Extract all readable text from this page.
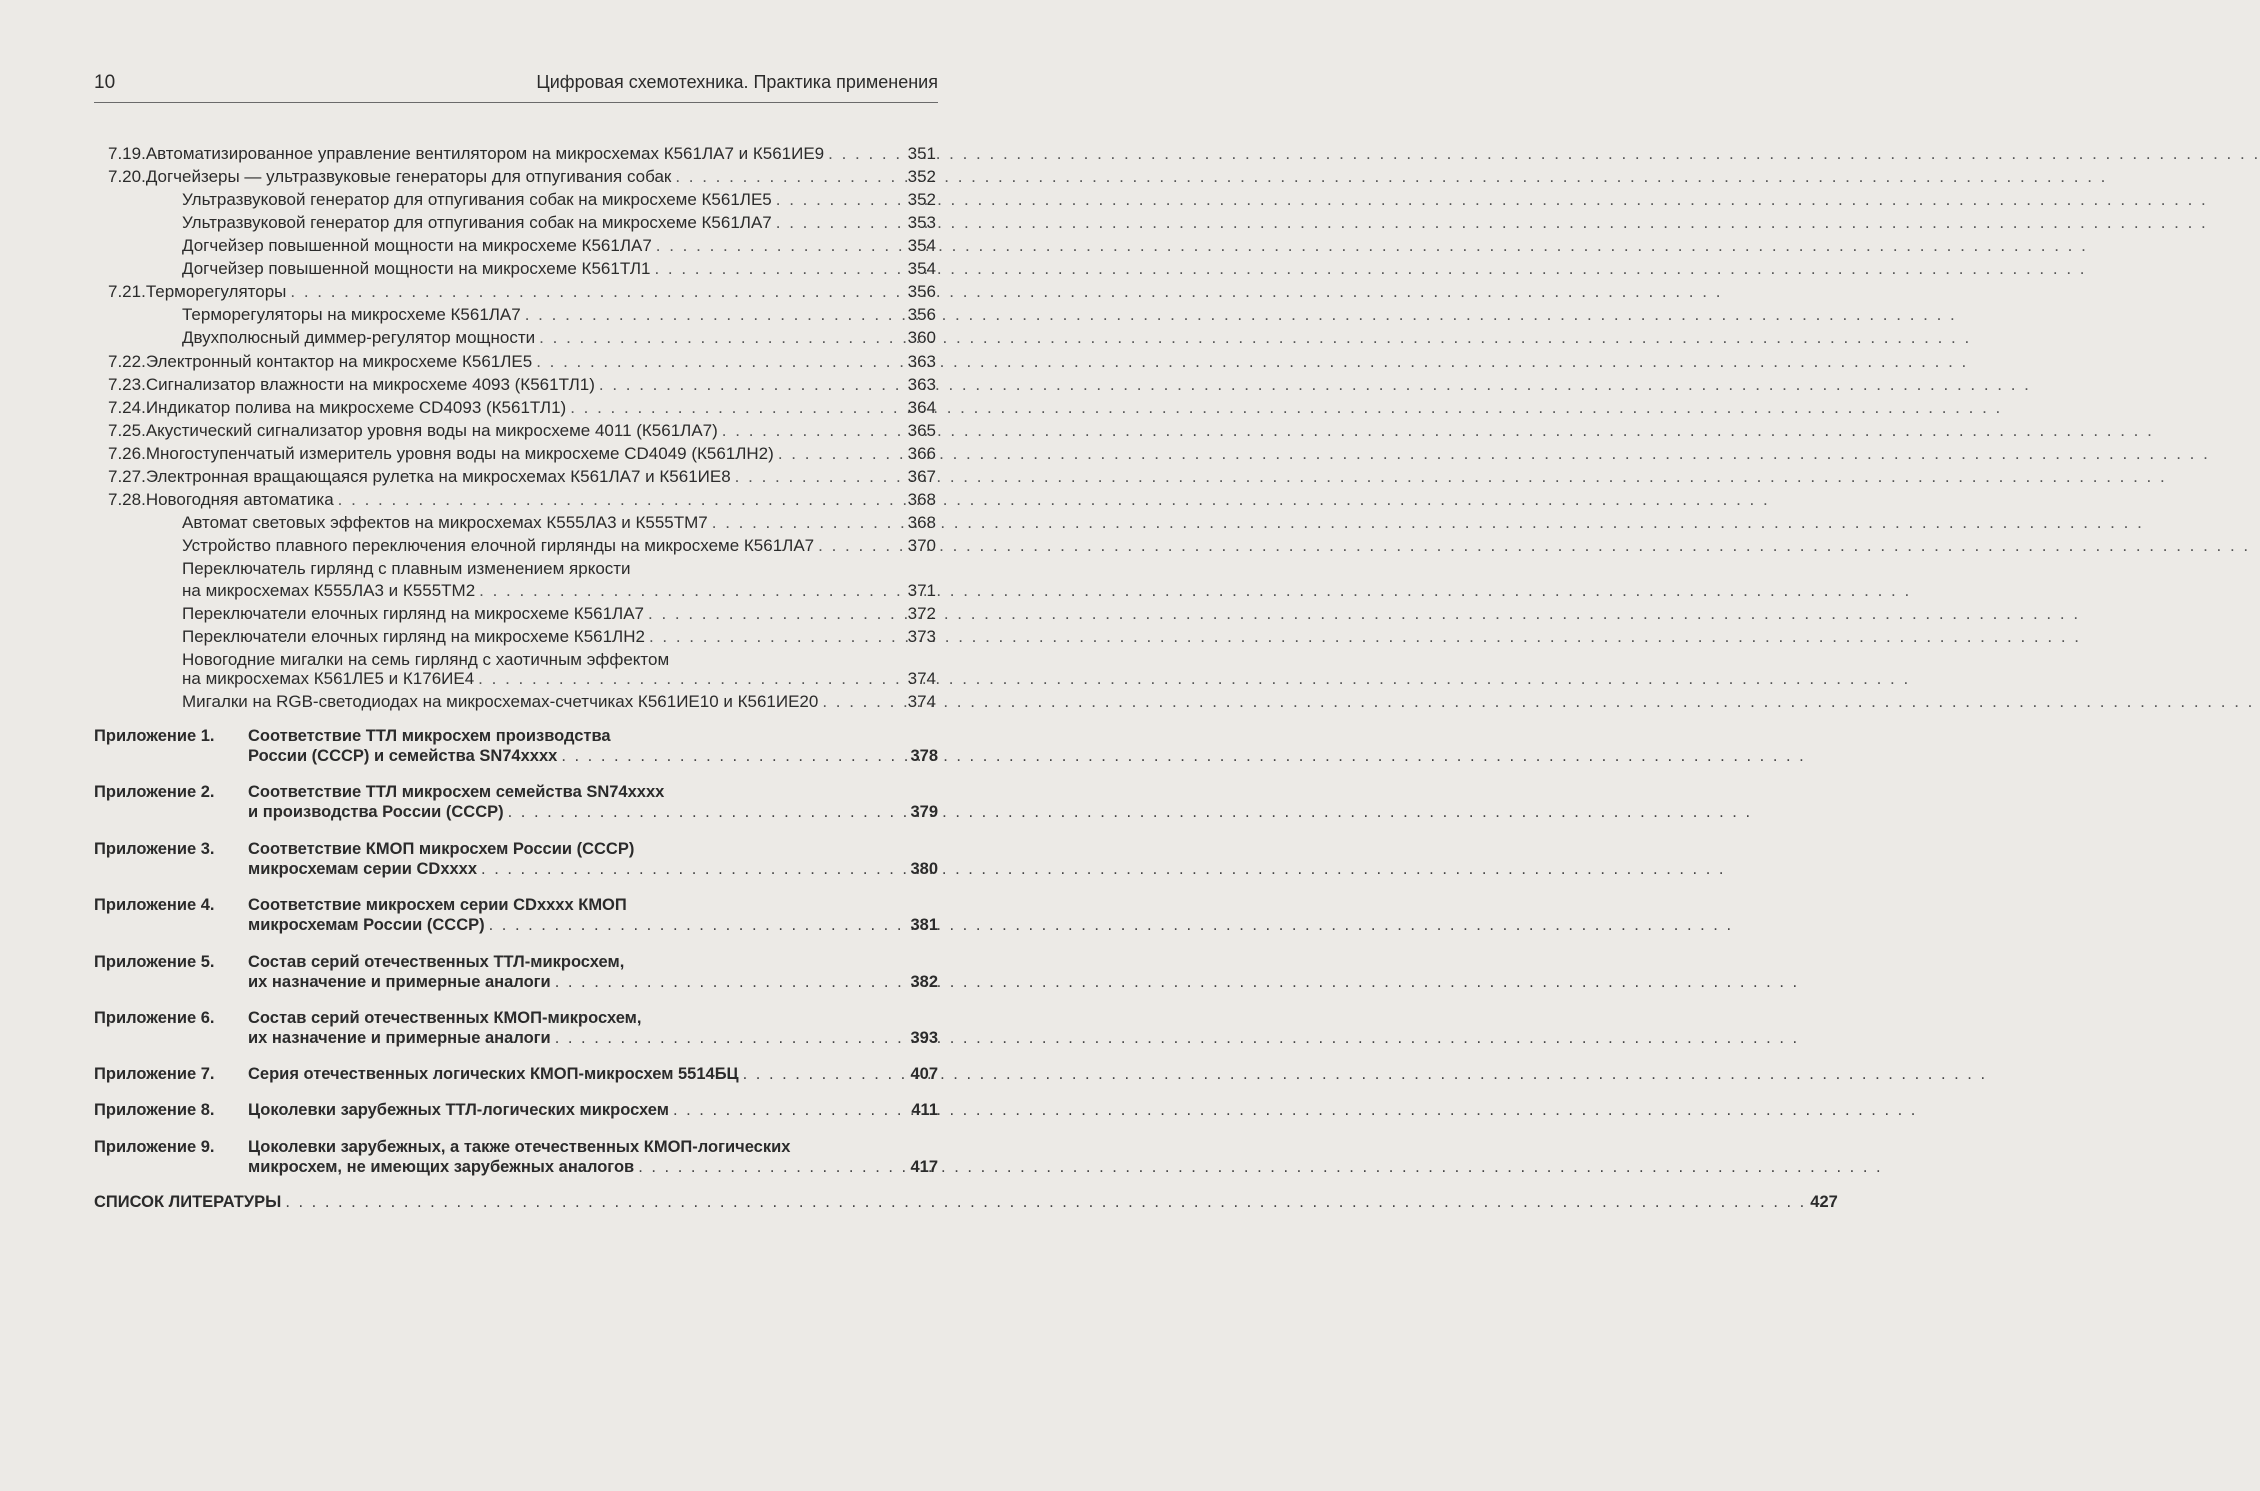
10	Цифровая схемотехника. Практика применения
7.19. Автоматизированное управление вентилятором на микросхемах К561ЛА7 и К561ИЕ9 . . .	351
7.20. Догчейзеры — ультразвуковые генераторы для отпугивания собак . . .	352
Ультразвуковой генератор для отпугивания собак на микросхеме К561ЛЕ5 . . .	352
Ультразвуковой генератор для отпугивания собак на микросхеме К561ЛА7 . . .	353
Догчейзер повышенной мощности на микросхеме К561ЛА7 . . .	354
Догчейзер повышенной мощности на микросхеме К561ТЛ1 . . .	354
7.21. Терморегуляторы . . .	356
Терморегуляторы на микросхеме К561ЛА7 . . .	356
Двухполюсный диммер-регулятор мощности . . .	360
7.22. Электронный контактор на микросхеме К561ЛЕ5 . . .	363
7.23. Сигнализатор влажности на микросхеме 4093 (К561ТЛ1) . . .	363
7.24. Индикатор полива на микросхеме CD4093 (К561ТЛ1) . . .	364
7.25. Акустический сигнализатор уровня воды на микросхеме 4011 (К561ЛА7) . . .	365
7.26. Многоступенчатый измеритель уровня воды на микросхеме CD4049 (К561ЛН2) . . .	366
7.27. Электронная вращающаяся рулетка на микросхемах К561ЛА7 и К561ИЕ8 . . .	367
7.28. Новогодняя автоматика . . .	368
Автомат световых эффектов на микросхемах К555ЛА3 и К555ТМ7 . . .	368
Устройство плавного переключения елочной гирлянды на микросхеме К561ЛА7 . . .	370
Переключатель гирлянд с плавным изменением яркости
на микросхемах К555ЛА3 и К555ТМ2 . . .	371
Переключатели елочных гирлянд на микросхеме К561ЛА7 . . .	372
Переключатели елочных гирлянд на микросхеме К561ЛН2 . . .	373
Новогодние мигалки на семь гирлянд с хаотичным эффектом
на микросхемах К561ЛЕ5 и К176ИЕ4 . . .	374
Мигалки на RGB-светодиодах на микросхемах-счетчиках К561ИЕ10 и К561ИЕ20 . . .	374
Приложение 1. Соответствие ТТЛ микросхем производства
России (СССР) и семейства SN74xxxx . . .	378
Приложение 2. Соответствие ТТЛ микросхем семейства SN74xxxx
и производства России (СССР) . . .	379
Приложение 3. Соответствие КМОП микросхем России (СССР)
микросхемам серии CDxxxx . . .	380
Приложение 4. Соответствие микросхем серии CDxxxx КМОП
микросхемам России (СССР) . . .	381
Приложение 5. Состав серий отечественных ТТЛ-микросхем,
их назначение и примерные аналоги . . .	382
Приложение 6. Состав серий отечественных КМОП-микросхем,
их назначение и примерные аналоги . . .	393
Приложение 7. Серия отечественных логических КМОП-микросхем 5514БЦ . . .	407
Приложение 8. Цоколевки зарубежных ТТЛ-логических микросхем . . .	411
Приложение 9. Цоколевки зарубежных, а также отечественных КМОП-логических
микросхем, не имеющих зарубежных аналогов . . .	417
СПИСОК ЛИТЕРАТУРЫ . . .	427
